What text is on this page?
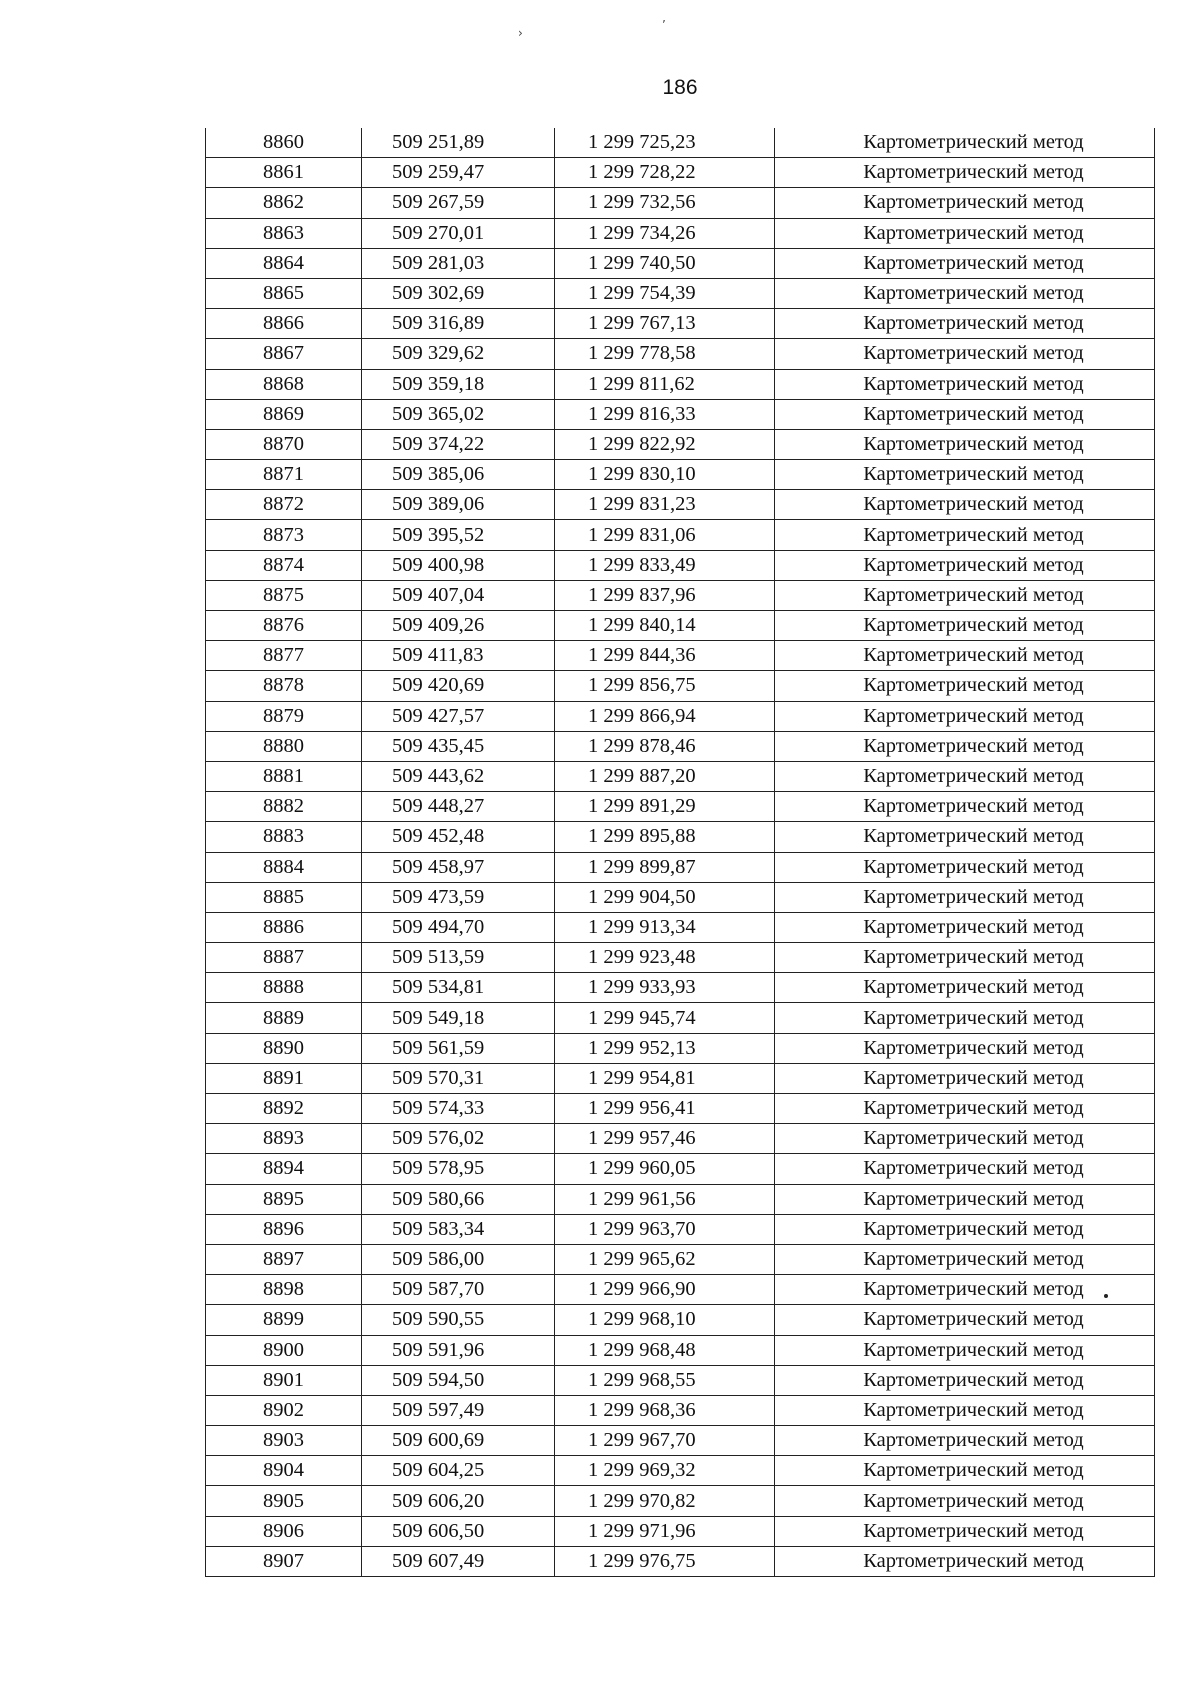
›
’
186
8860	509 251,89	1 299 725,23	Картометрический метод
8861	509 259,47	1 299 728,22	Картометрический метод
8862	509 267,59	1 299 732,56	Картометрический метод
8863	509 270,01	1 299 734,26	Картометрический метод
8864	509 281,03	1 299 740,50	Картометрический метод
8865	509 302,69	1 299 754,39	Картометрический метод
8866	509 316,89	1 299 767,13	Картометрический метод
8867	509 329,62	1 299 778,58	Картометрический метод
8868	509 359,18	1 299 811,62	Картометрический метод
8869	509 365,02	1 299 816,33	Картометрический метод
8870	509 374,22	1 299 822,92	Картометрический метод
8871	509 385,06	1 299 830,10	Картометрический метод
8872	509 389,06	1 299 831,23	Картометрический метод
8873	509 395,52	1 299 831,06	Картометрический метод
8874	509 400,98	1 299 833,49	Картометрический метод
8875	509 407,04	1 299 837,96	Картометрический метод
8876	509 409,26	1 299 840,14	Картометрический метод
8877	509 411,83	1 299 844,36	Картометрический метод
8878	509 420,69	1 299 856,75	Картометрический метод
8879	509 427,57	1 299 866,94	Картометрический метод
8880	509 435,45	1 299 878,46	Картометрический метод
8881	509 443,62	1 299 887,20	Картометрический метод
8882	509 448,27	1 299 891,29	Картометрический метод
8883	509 452,48	1 299 895,88	Картометрический метод
8884	509 458,97	1 299 899,87	Картометрический метод
8885	509 473,59	1 299 904,50	Картометрический метод
8886	509 494,70	1 299 913,34	Картометрический метод
8887	509 513,59	1 299 923,48	Картометрический метод
8888	509 534,81	1 299 933,93	Картометрический метод
8889	509 549,18	1 299 945,74	Картометрический метод
8890	509 561,59	1 299 952,13	Картометрический метод
8891	509 570,31	1 299 954,81	Картометрический метод
8892	509 574,33	1 299 956,41	Картометрический метод
8893	509 576,02	1 299 957,46	Картометрический метод
8894	509 578,95	1 299 960,05	Картометрический метод
8895	509 580,66	1 299 961,56	Картометрический метод
8896	509 583,34	1 299 963,70	Картометрический метод
8897	509 586,00	1 299 965,62	Картометрический метод
8898	509 587,70	1 299 966,90	Картометрический метод
8899	509 590,55	1 299 968,10	Картометрический метод
8900	509 591,96	1 299 968,48	Картометрический метод
8901	509 594,50	1 299 968,55	Картометрический метод
8902	509 597,49	1 299 968,36	Картометрический метод
8903	509 600,69	1 299 967,70	Картометрический метод
8904	509 604,25	1 299 969,32	Картометрический метод
8905	509 606,20	1 299 970,82	Картометрический метод
8906	509 606,50	1 299 971,96	Картометрический метод
8907	509 607,49	1 299 976,75	Картометрический метод
